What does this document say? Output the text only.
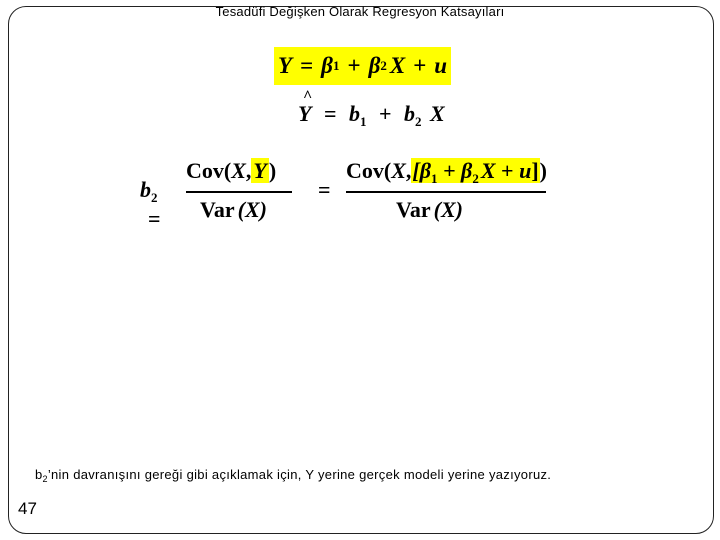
Tesadüfi Değişken Olarak Regresyon Katsayıları
Y = β 1 + β 2 X + u
^
$Y = b_1 + b_2$ X
$b_2$ =
Cov(X,Y)
Var (X)
=
$Cov(X,[\beta_1 + \beta_2X + u])$
Var (X)
$b_2’nin$ davranışını gereği gibi açıklamak için, Y yerine gerçek modeli yerine yazıyoruz.
47
